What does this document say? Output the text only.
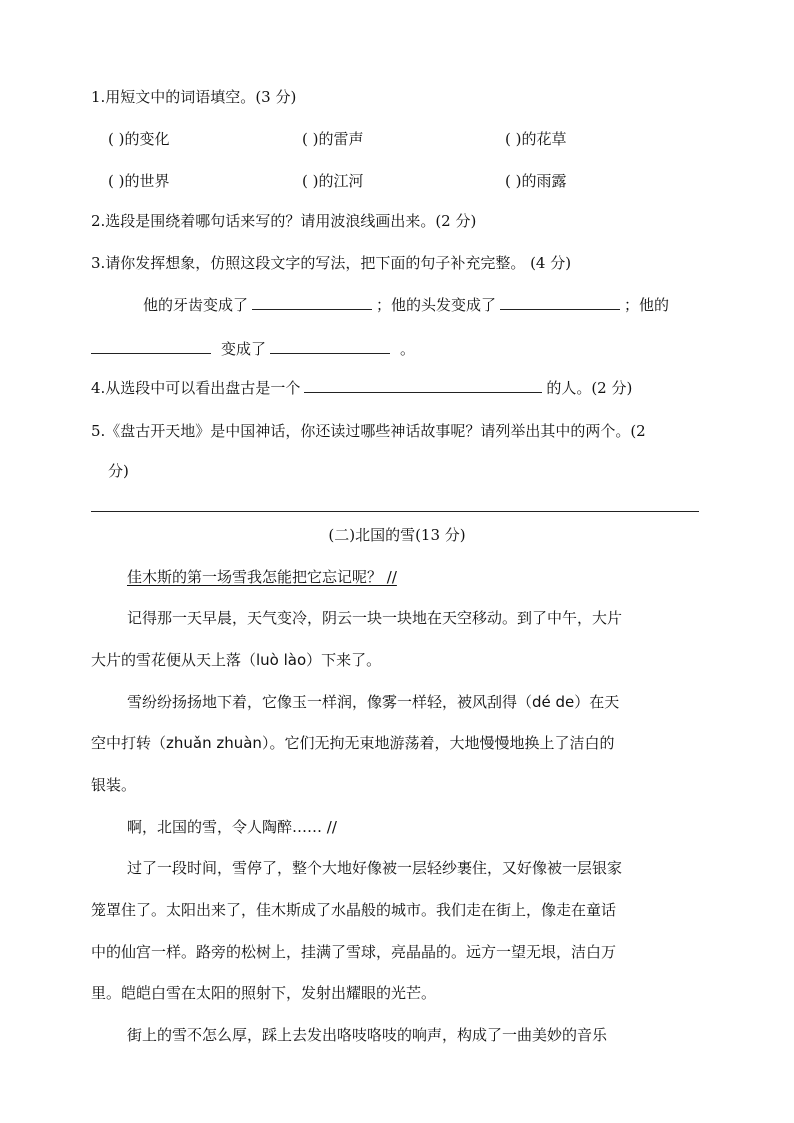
1.用短文中的词语填空。(3 分)
( )的变化	( )的雷声	( )的花草
( )的世界	( )的江河	( )的雨露
2.选段是围绕着哪句话来写的？请用波浪线画出来。(2 分)
3.请你发挥想象，仿照这段文字的写法，把下面的句子补充完整。 (4 分)
他的牙齿变成了	；他的头发变成了	；他的
变成了	。
4.从选段中可以看出盘古是一个	的人。(2 分)
5.《盘古开天地》是中国神话，你还读过哪些神话故事呢？请列举出其中的两个。(2
分)
(二)北国的雪(13 分)
佳木斯的第一场雪我怎能把它忘记呢？ //
记得那一天早晨，天气变冷，阴云一块一块地在天空移动。到了中午，大片
大片的雪花便从天上落（luò lào）下来了。
雪纷纷扬扬地下着，它像玉一样润，像雾一样轻，被风刮得（dé de）在天
空中打转（zhuǎn zhuàn）。它们无拘无束地游荡着，大地慢慢地换上了洁白的
银装。
啊，北国的雪，令人陶醉…… //
过了一段时间，雪停了，整个大地好像被一层轻纱裹住，又好像被一层银家
笼罩住了。太阳出来了，佳木斯成了水晶般的城市。我们走在街上，像走在童话
中的仙宫一样。路旁的松树上，挂满了雪球，亮晶晶的。远方一望无垠，洁白万
里。皑皑白雪在太阳的照射下，发射出耀眼的光芒。
街上的雪不怎么厚，踩上去发出咯吱咯吱的响声，构成了一曲美妙的音乐
